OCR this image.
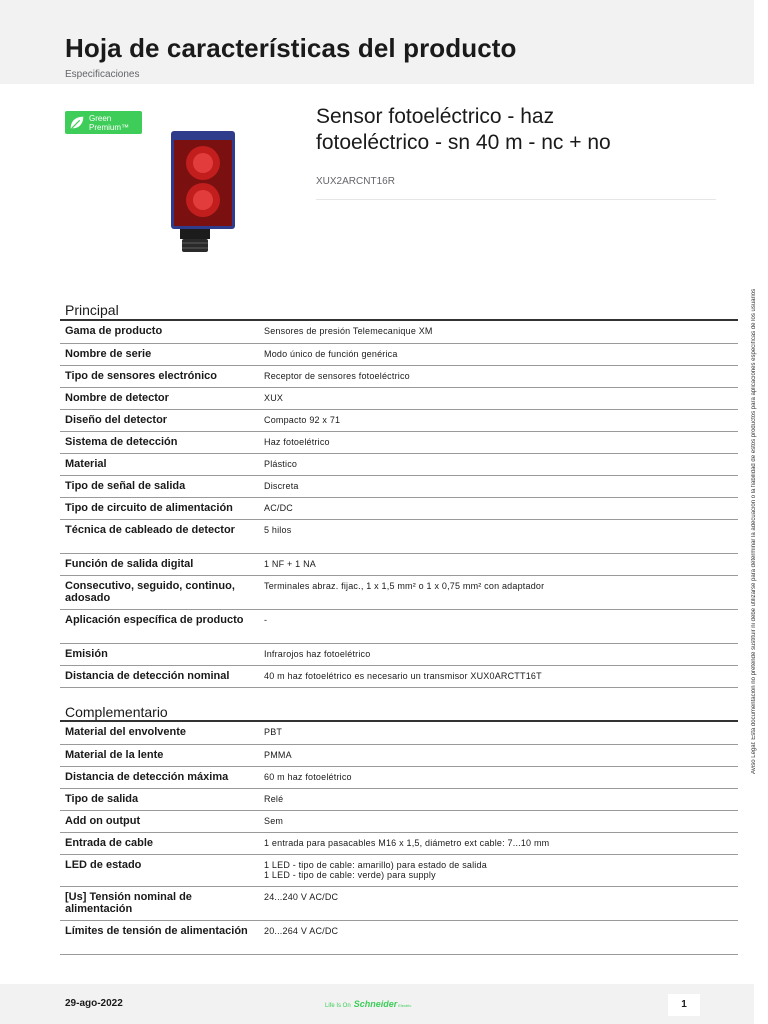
Hoja de características del producto
Especificaciones
Green
Premium™	Sensor fotoeléctrico - haz
fotoeléctrico - sn 40 m - nc + no
XUX2ARCNT16R
Principal
Gama de producto	Sensores de presión Telemecanique XM
Nombre de serie	Modo único de función genérica
Tipo de sensores electrónico	Receptor de sensores fotoeléctrico
Nombre de detector	XUX
Diseño del detector	Compacto 92 x 71
Sistema de detección	Haz fotoelétrico
Material	Plástico
Tipo de señal de salida	Discreta
Tipo de circuito de alimentación	AC/DC
Técnica de cableado de detector	5 hilos
Función de salida digital	1 NF + 1 NA
Consecutivo, seguido, continuo, adosado	Terminales abraz. fijac., 1 x 1,5 mm² o 1 x 0,75 mm² con adaptador
Aplicación específica de producto	-
Emisión	Infrarojos haz fotoelétrico
Distancia de detección nominal	40 m haz fotoelétrico es necesario un transmisor XUX0ARCTT16T
Complementario
Material del envolvente	PBT
Material de la lente	PMMA
Distancia de detección máxima	60 m haz fotoelétrico
Tipo de salida	Relé
Add on output	Sem
Entrada de cable	1 entrada para pasacables M16 x 1,5, diámetro ext cable: 7...10 mm
LED de estado	1 LED - tipo de cable: amarillo) para estado de salida
1 LED - tipo de cable: verde) para supply

[Us] Tensión nominal de alimentación	24...240 V AC/DC
Límites de tensión de alimentación	20...264 V AC/DC
Aviso Legal: Esta documentación no pretende sustituir ni debe utilizarse para determinar la adecuación o la fiabilidad de estos productos para aplicaciones específicas de los usuarios
29-ago-2022	Life Is On Schneider Electric	1
